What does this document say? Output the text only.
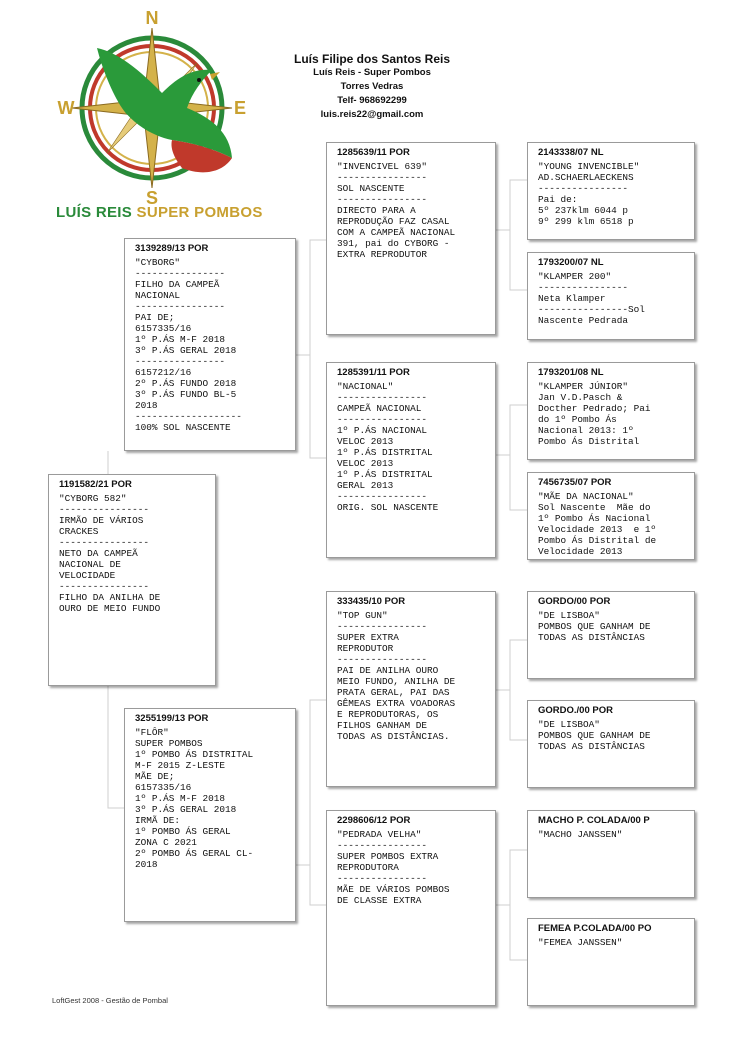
N
S
W	E
LUÍS REIS SUPER POMBOS
Luís Filipe dos Santos Reis
Luís Reis - Super Pombos
Torres Vedras
Telf- 968692299
luis.reis22@gmail.com
1191582/21 POR
"CYBORG 582"
----------------
IRMÃO DE VÁRIOS
CRACKES
----------------
NETO DA CAMPEÃ
NACIONAL DE
VELOCIDADE
----------------
FILHO DA ANILHA DE
OURO DE MEIO FUNDO
3139289/13 POR
"CYBORG"
----------------
FILHO DA CAMPEÃ
NACIONAL
----------------
PAI DE;
6157335/16
1º P.ÁS M-F 2018
3º P.ÁS GERAL 2018
----------------
6157212/16
2º P.ÁS FUNDO 2018
3º P.ÁS FUNDO BL-5
2018
-------------------
100% SOL NASCENTE
3255199/13 POR
"FLÔR"
SUPER POMBOS
1º POMBO ÁS DISTRITAL
M-F 2015 Z-LESTE
MÃE DE;
6157335/16
1º P.ÁS M-F 2018
3º P.ÁS GERAL 2018
IRMÃ DE:
1º POMBO ÁS GERAL
ZONA C 2021
2º POMBO ÁS GERAL CL-
2018
1285639/11 POR
"INVENCIVEL 639"
----------------
SOL NASCENTE
----------------
DIRECTO PARA A
REPRODUÇÃO FAZ CASAL
COM A CAMPEÃ NACIONAL
391, pai do CYBORG -
EXTRA REPRODUTOR
1285391/11 POR
"NACIONAL"
----------------
CAMPEÃ NACIONAL
----------------
1º P.ÁS NACIONAL
VELOC 2013
1º P.ÁS DISTRITAL
VELOC 2013
1º P.ÁS DISTRITAL
GERAL 2013
----------------
ORIG. SOL NASCENTE
333435/10 POR
"TOP GUN"
----------------
SUPER EXTRA
REPRODUTOR
----------------
PAI DE ANILHA OURO
MEIO FUNDO, ANILHA DE
PRATA GERAL, PAI DAS
GÊMEAS EXTRA VOADORAS
E REPRODUTORAS, OS
FILHOS GANHAM DE
TODAS AS DISTÂNCIAS.
2298606/12 POR
"PEDRADA VELHA"
----------------
SUPER POMBOS EXTRA
REPRODUTORA
----------------
MÃE DE VÁRIOS POMBOS
DE CLASSE EXTRA
2143338/07 NL
"YOUNG INVENCIBLE"
AD.SCHAERLAECKENS
----------------
Pai de:
5º 237klm 6044 p
9º 299 klm 6518 p
1793200/07 NL
"KLAMPER 200"
----------------
Neta Klamper
----------------Sol
Nascente Pedrada
1793201/08 NL
"KLAMPER JÚNIOR"
Jan V.D.Pasch &
Docther Pedrado; Pai
do 1º Pombo Ás
Nacional 2013: 1º
Pombo Ás Distrital
7456735/07 POR
"MÃE DA NACIONAL"
Sol Nascente  Mãe do
1º Pombo Ás Nacional
Velocidade 2013  e 1º
Pombo Ás Distrital de
Velocidade 2013
GORDO/00 POR
"DE LISBOA"
POMBOS QUE GANHAM DE
TODAS AS DISTÂNCIAS
GORDO./00 POR
"DE LISBOA"
POMBOS QUE GANHAM DE
TODAS AS DISTÂNCIAS
MACHO P. COLADA/00 P
"MACHO JANSSEN"
FEMEA P.COLADA/00 PO
"FEMEA JANSSEN"
LoftGest 2008 - Gestão de Pombal
